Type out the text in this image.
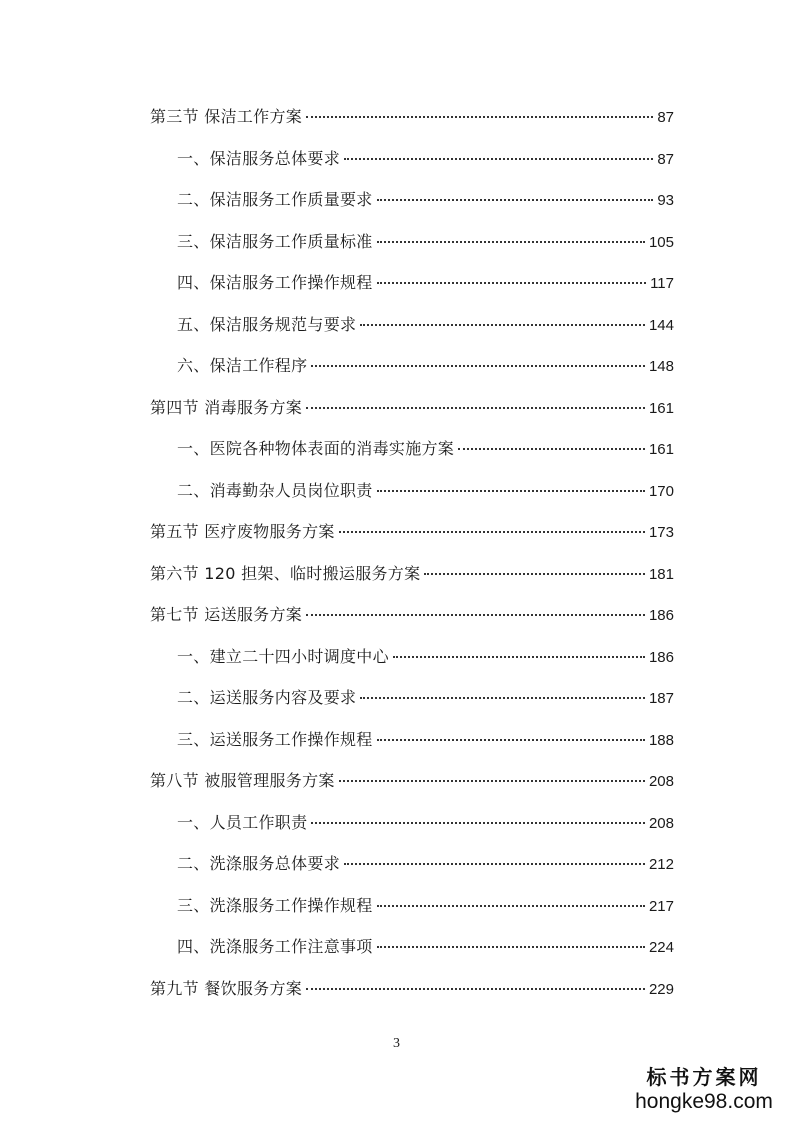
第三节 保洁工作方案	87
一、保洁服务总体要求	87
二、保洁服务工作质量要求	93
三、保洁服务工作质量标准	105
四、保洁服务工作操作规程	117
五、保洁服务规范与要求	144
六、保洁工作程序	148
第四节 消毒服务方案	161
一、医院各种物体表面的消毒实施方案	161
二、消毒勤杂人员岗位职责	170
第五节 医疗废物服务方案	173
第六节 120 担架、临时搬运服务方案	181
第七节 运送服务方案	186
一、建立二十四小时调度中心	186
二、运送服务内容及要求	187
三、运送服务工作操作规程	188
第八节 被服管理服务方案	208
一、人员工作职责	208
二、洗涤服务总体要求	212
三、洗涤服务工作操作规程	217
四、洗涤服务工作注意事项	224
第九节 餐饮服务方案	229
3
标书方案网
hongke98.com
